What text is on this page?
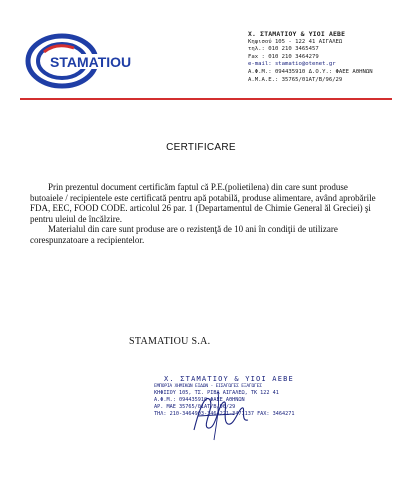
STAMATIOU
Χ. ΣΤΑΜΑΤΙΟΥ & ΥΙΟΙ ΑΕΒΕ
Κηφισού 105 - 122 41 ΑΙΓΑΛΕΩ
τηλ.: 010 210 3465457
Fax : 010 210 3464279
e-mail: stamatio@otenet.gr
Α.Φ.Μ.: 094435910 Δ.Ο.Υ.: ΦΑΕΕ ΑΘΗΝΩΝ
Α.Μ.Α.Ε.: 35765/01ΑΤ/Β/96/29
CERTIFICARE

Prin prezentul document certificăm faptul că P.E.(polietilena) din care sunt produse butoaiele / recipientele este certificată pentru apă potabilă, produse alimentare, având aprobările FDA, EEC, FOOD CODE. articolul 26 par. 1 (Departamentul de Chimie General ăl Greciei) şi pentru uleiul de încălzire.

Materialul din care sunt produse are o rezistenţă de 10 ani în condiţii de utilizare corespunzatoare a recipientelor.

STAMATIOU S.A.
Χ. ΣΤΑΜΑΤΙΟΥ & ΥΙΟΙ ΑΕΒΕ
ΕΜΠΟΡΙΑ ΧΗΜΙΚΩΝ ΕΙΔΩΝ - ΕΙΣΑΓΩΓΕΣ ΕΞΑΓΩΓΕΣ
ΚΗΦΙΣΟΥ 105, ΤΣ. ΡΙΒΑ ΑΙΓΑΛΕΩ, ΤΚ 122 41
Α.Φ.Μ.: 094435910 ΦΑΕΕ ΑΘΗΝΩΝ
ΑΡ. ΜΑΕ 35765/01ΑΤ/Β/96/29
ΤΗΛ: 210-3464903-3464221-3471137 FAX: 3464271
